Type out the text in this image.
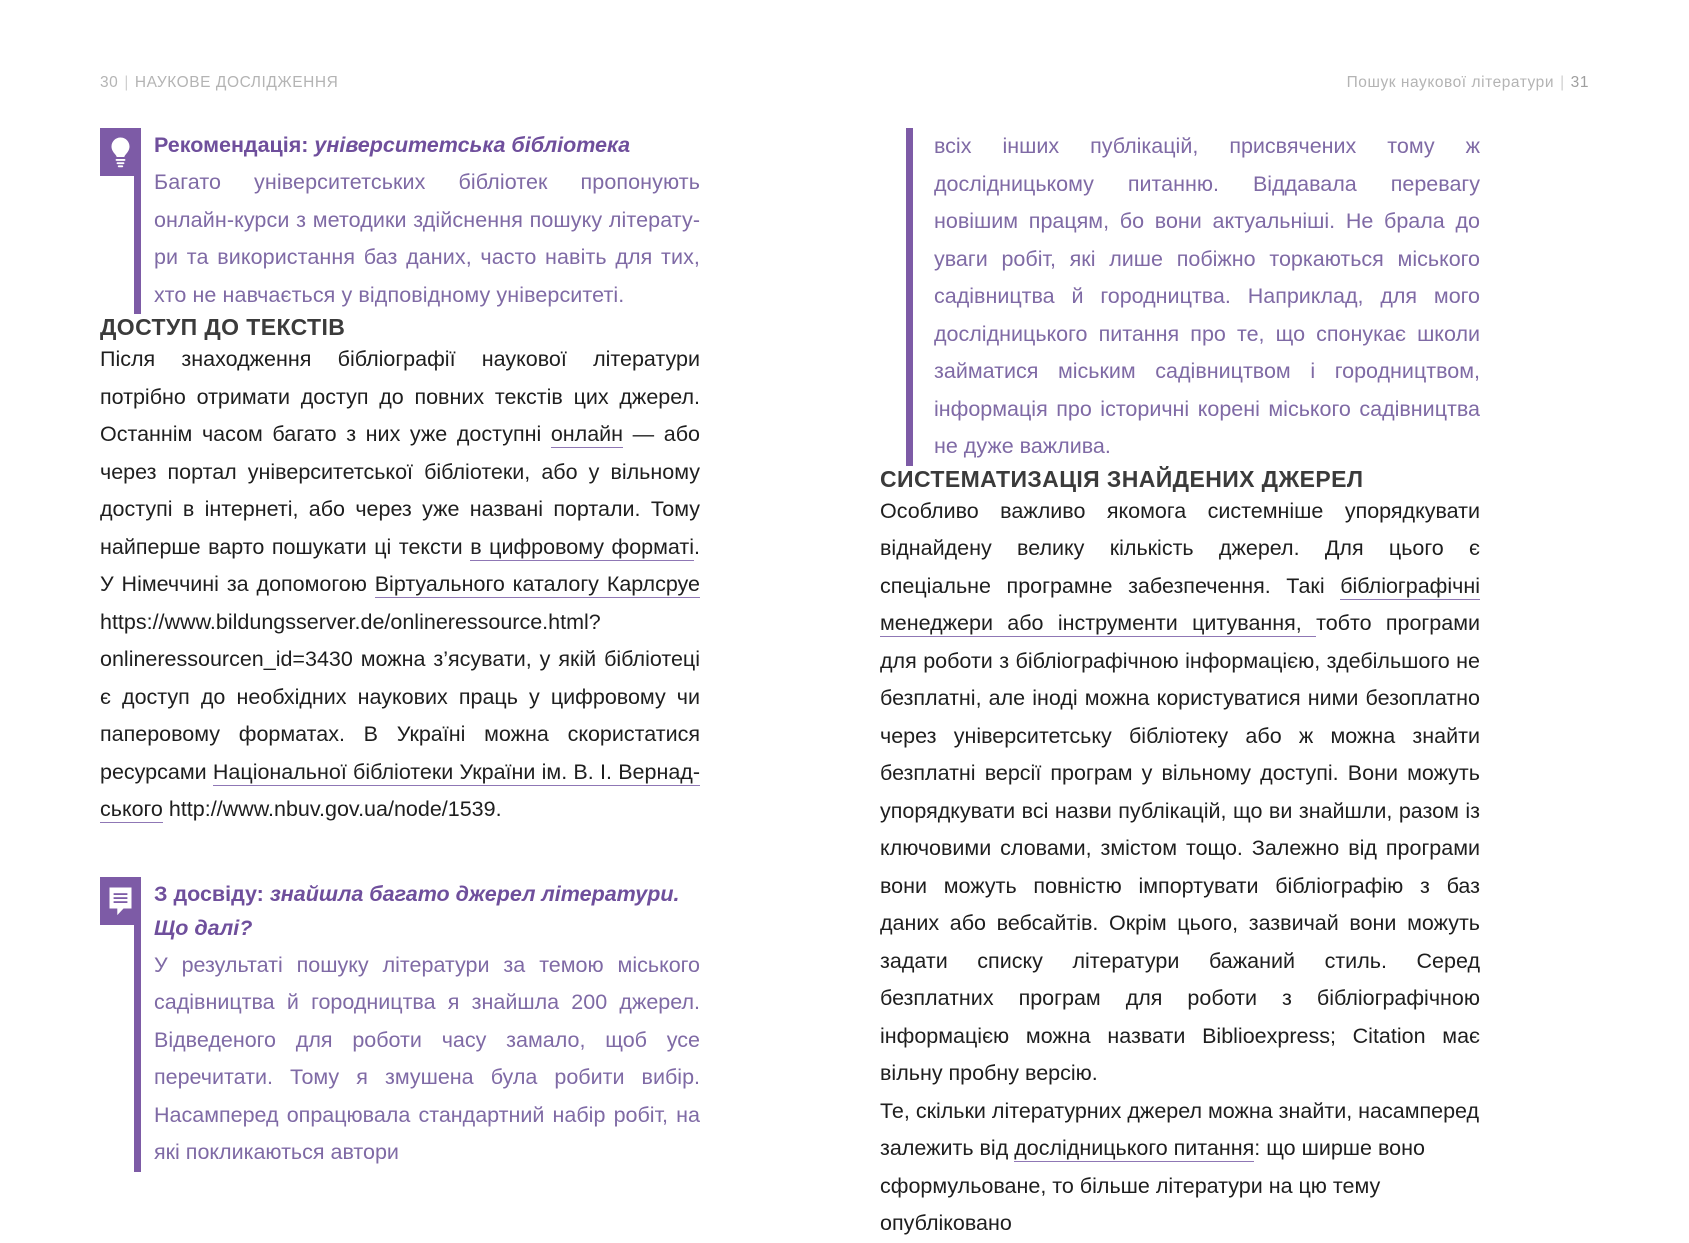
30 | НАУКОВЕ ДОСЛІДЖЕННЯ	Пошук наукової літератури | 31
Рекомендація: університетська бібліотека

Багато університетських бібліотек пропонують онлайн-курси з методики здійснення пошуку літератури та використання баз даних, часто навіть для тих, хто не навчається у відповідному університеті.

ДОСТУП ДО ТЕКСТІВ

Після знаходження бібліографії наукової літератури потрібно отримати доступ до повних текстів цих джерел. Останнім часом багато з них уже доступні онлайн — або через портал університетської бібліотеки, або у вільному доступі в інтернеті, або через уже названі портали. Тому найперше варто пошукати ці тексти в цифровому форматі. У Німеччині за допомогою Віртуального каталогу Карлсруе https://www.bildungsserver.de/onlineressource.html?onlineressourcen_id=3430 можна з’ясувати, у якій бібліотеці є доступ до необхідних наукових праць у цифровому чи паперовому форматах. В Україні можна скористатися ресурсами Національної бібліотеки України ім. В. І. Вернадського http://www.nbuv.gov.ua/node/1539.

З досвіду: знайшла багато джерел літератури. Що далі?

У результаті пошуку літератури за темою міського садівництва й городництва я знайшла 200 джерел. Відведеного для роботи часу замало, щоб усе перечитати. Тому я змушена була робити вибір. Насамперед опрацювала стандартний набір робіт, на які покликаються автори

всіх інших публікацій, присвячених тому ж дослідницькому питанню. Віддавала перевагу новішим працям, бо вони актуальніші. Не брала до уваги робіт, які лише побіжно торкаються міського садівництва й городництва. Наприклад, для мого дослідницького питання про те, що спонукає школи займатися міським садівництвом і городництвом, інформація про історичні корені міського садівництва не дуже важлива.

СИСТЕМАТИЗАЦІЯ ЗНАЙДЕНИХ ДЖЕРЕЛ

Особливо важливо якомога системніше упорядкувати віднайдену велику кількість джерел. Для цього є спеціальне програмне забезпечення. Такі бібліографічні менеджери або інструменти цитування, тобто програми для роботи з бібліографічною інформацією, здебільшого не безплатні, але іноді можна користуватися ними безоплатно через університетську бібліотеку або ж можна знайти безплатні версії програм у вільному доступі. Вони можуть упорядкувати всі назви публікацій, що ви знайшли, разом із ключовими словами, змістом тощо. Залежно від програми вони можуть повністю імпортувати бібліографію з баз даних або вебсайтів. Окрім цього, зазвичай вони можуть задати списку літератури бажаний стиль. Серед безплатних програм для роботи з бібліографічною інформацією можна назвати Biblioexpress; Citation має вільну пробну версію.

Те, скільки літературних джерел можна знайти, насамперед залежить від дослідницького питання: що ширше воно сформульоване, то більше літератури на цю тему опубліковано
